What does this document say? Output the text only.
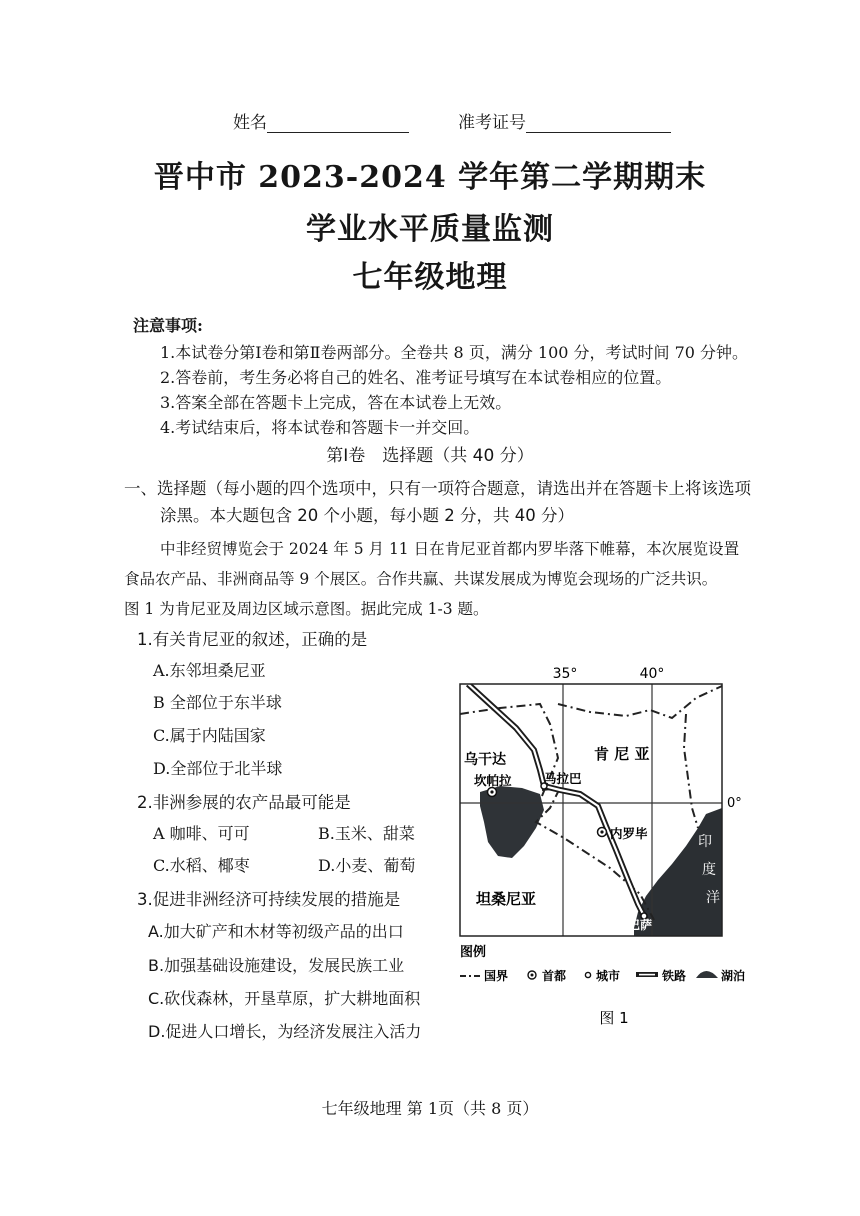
姓名	准考证号
晋中市 2023-2024 学年第二学期期末
学业水平质量监测
七年级地理
注意事项:
1.本试卷分第Ⅰ卷和第Ⅱ卷两部分。全卷共 8 页，满分 100 分，考试时间 70 分钟。
2.答卷前，考生务必将自己的姓名、准考证号填写在本试卷相应的位置。
3.答案全部在答题卡上完成，答在本试卷上无效。
4.考试结束后，将本试卷和答题卡一并交回。
第Ⅰ卷　选择题（共 40 分）
一、选择题（每小题的四个选项中，只有一项符合题意，请选出并在答题卡上将该选项
涂黑。本大题包含 20 个小题，每小题 2 分，共 40 分）
中非经贸博览会于 2024 年 5 月 11 日在肯尼亚首都内罗毕落下帷幕，本次展览设置
食品农产品、非洲商品等 9 个展区。合作共赢、共谋发展成为博览会现场的广泛共识。
图 1 为肯尼亚及周边区域示意图。据此完成 1-3 题。
1.有关肯尼亚的叙述，正确的是
A.东邻坦桑尼亚
B 全部位于东半球
C.属于内陆国家
D.全部位于北半球
2.非洲参展的农产品最可能是
A 咖啡、可可	B.玉米、甜菜
C.水稻、椰枣	D.小麦、葡萄
3.促进非洲经济可持续发展的措施是
A.加大矿产和木材等初级产品的出口
B.加强基础设施建设，发展民族工业
C.砍伐森林，开垦草原，扩大耕地面积
D.促进人口增长，为经济发展注入活力
35°	40°
0°
乌干达	肯 尼 亚
坦桑尼亚
坎帕拉	马拉巴
内罗毕
蒙巴萨
印
度
洋
图例
国界	首都 城市	铁路	湖泊
图 1
七年级地理 第 1页（共 8 页）
